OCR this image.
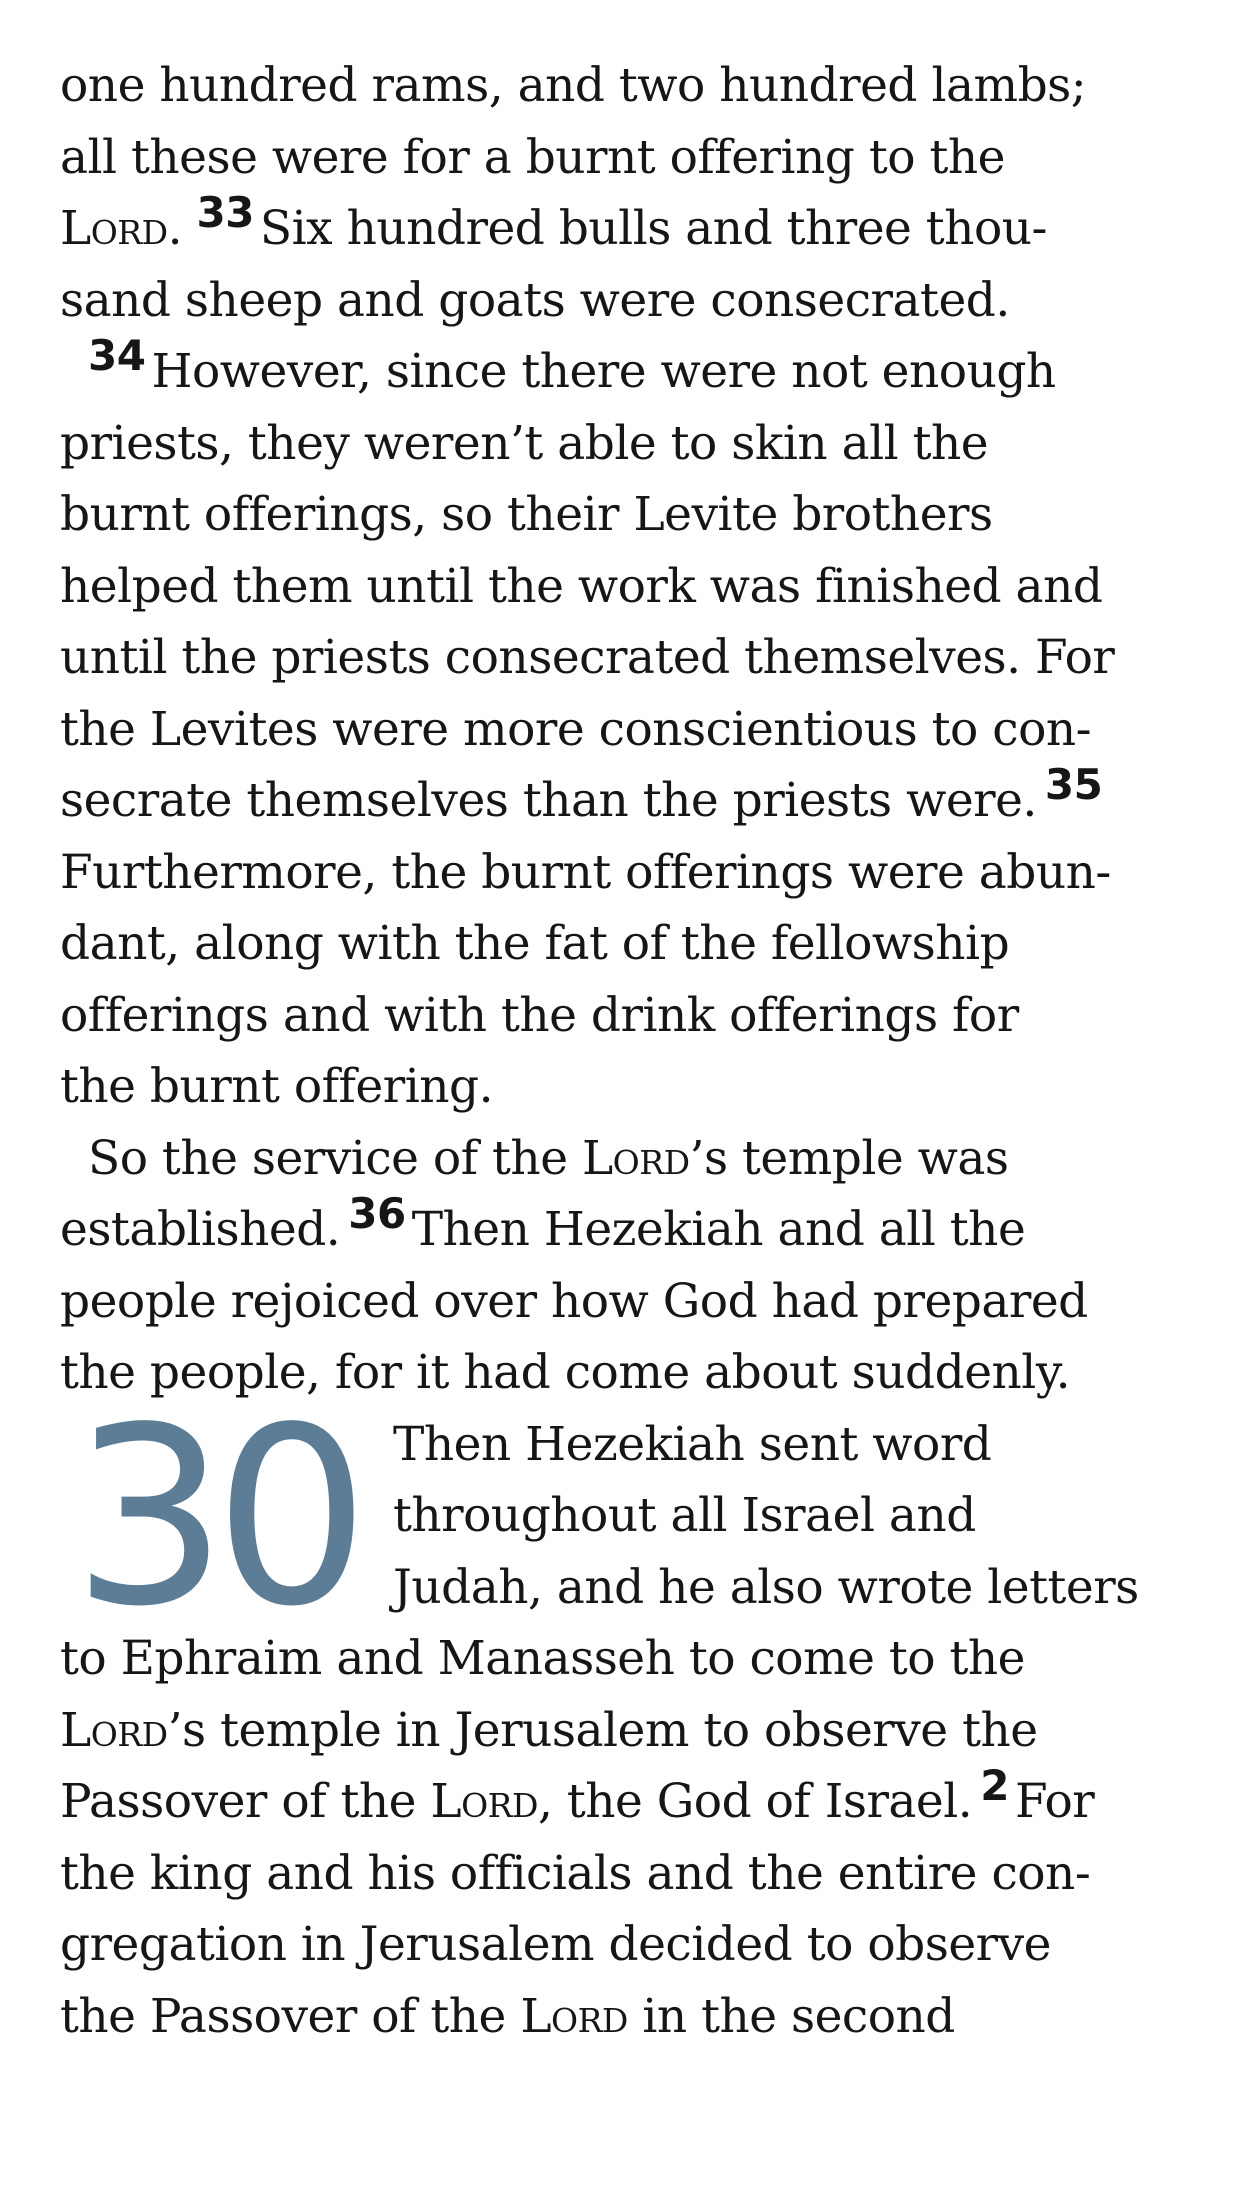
one hundred rams, and two hundred lambs;
all these were for a burnt offering to the
Lord. 33 Six hundred bulls and three thou-
sand sheep and goats were consecrated.
34 However, since there were not enough
priests, they weren’t able to skin all the
burnt offerings, so their Levite brothers
helped them until the work was finished and
until the priests consecrated themselves. For
the Levites were more conscientious to con-
secrate themselves than the priests were. 35
Furthermore, the burnt offerings were abun-
dant, along with the fat of the fellowship
offerings and with the drink offerings for
the burnt offering.
So the service of the Lord’s temple was
established. 36 Then Hezekiah and all the
people rejoiced over how God had prepared
the people, for it had come about suddenly.
30 Then Hezekiah sent word
throughout all Israel and
Judah, and he also wrote letters
to Ephraim and Manasseh to come to the
Lord’s temple in Jerusalem to observe the
Passover of the Lord, the God of Israel. 2 For
the king and his officials and the entire con-
gregation in Jerusalem decided to observe
the Passover of the Lord in the second
